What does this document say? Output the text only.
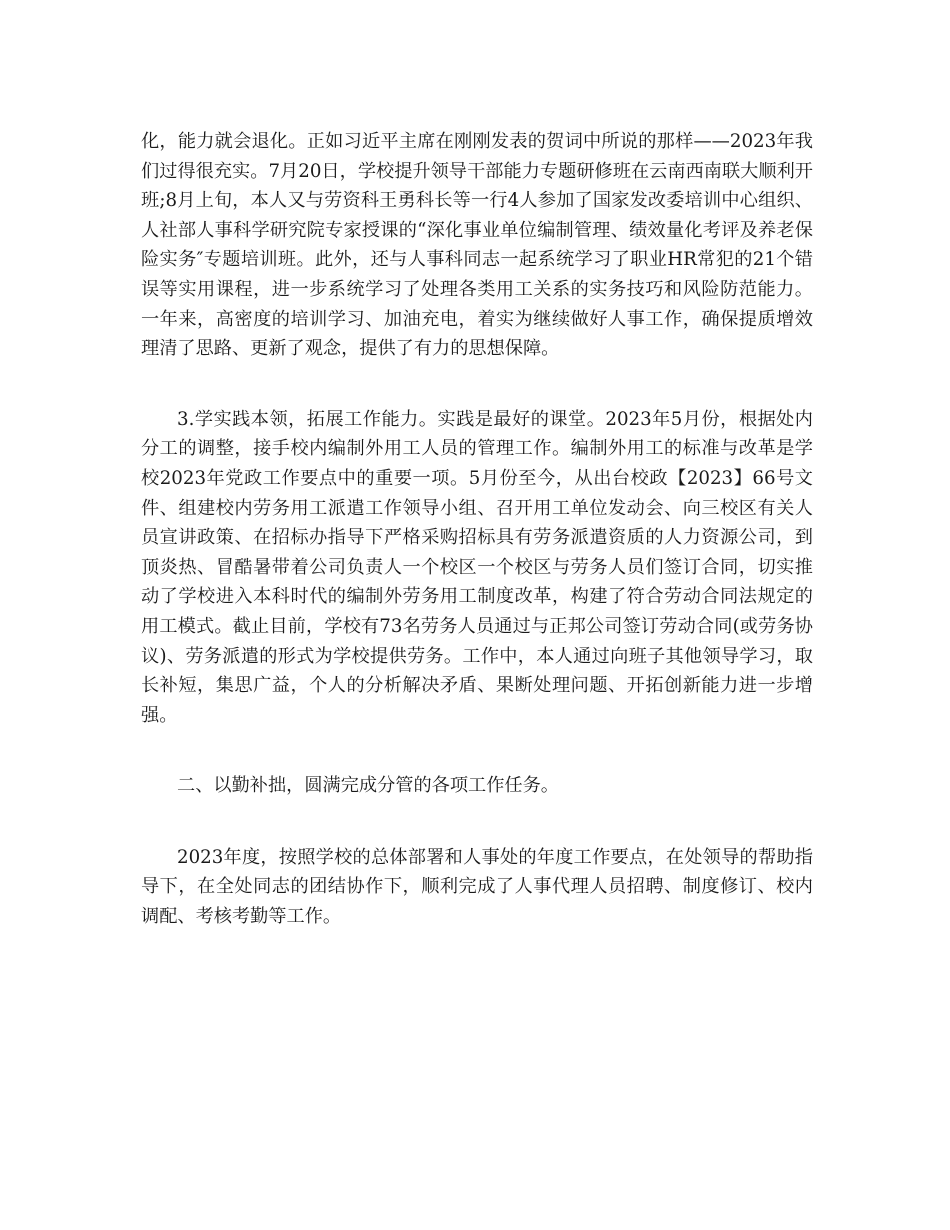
化，能力就会退化。正如习近平主席在刚刚发表的贺词中所说的那样——2023年我们过得很充实。7月20日，学校提升领导干部能力专题研修班在云南西南联大顺利开班;8月上旬，本人又与劳资科王勇科长等一行4人参加了国家发改委培训中心组织、人社部人事科学研究院专家授课的“深化事业单位编制管理、绩效量化考评及养老保险实务″专题培训班。此外，还与人事科同志一起系统学习了职业HR常犯的21个错误等实用课程，进一步系统学习了处理各类用工关系的实务技巧和风险防范能力。一年来，高密度的培训学习、加油充电，着实为继续做好人事工作，确保提质增效理清了思路、更新了观念，提供了有力的思想保障。

3.学实践本领，拓展工作能力。实践是最好的课堂。2023年5月份，根据处内分工的调整，接手校内编制外用工人员的管理工作。编制外用工的标准与改革是学校2023年党政工作要点中的重要一项。5月份至今，从出台校政【2023】66号文件、组建校内劳务用工派遣工作领导小组、召开用工单位发动会、向三校区有关人员宣讲政策、在招标办指导下严格采购招标具有劳务派遣资质的人力资源公司，到顶炎热、冒酷暑带着公司负责人一个校区一个校区与劳务人员们签订合同，切实推动了学校进入本科时代的编制外劳务用工制度改革，构建了符合劳动合同法规定的用工模式。截止目前，学校有73名劳务人员通过与正邦公司签订劳动合同(或劳务协议)、劳务派遣的形式为学校提供劳务。工作中，本人通过向班子其他领导学习，取长补短，集思广益，个人的分析解决矛盾、果断处理问题、开拓创新能力进一步增强。

二、以勤补拙，圆满完成分管的各项工作任务。

2023年度，按照学校的总体部署和人事处的年度工作要点，在处领导的帮助指导下，在全处同志的团结协作下，顺利完成了人事代理人员招聘、制度修订、校内调配、考核考勤等工作。
